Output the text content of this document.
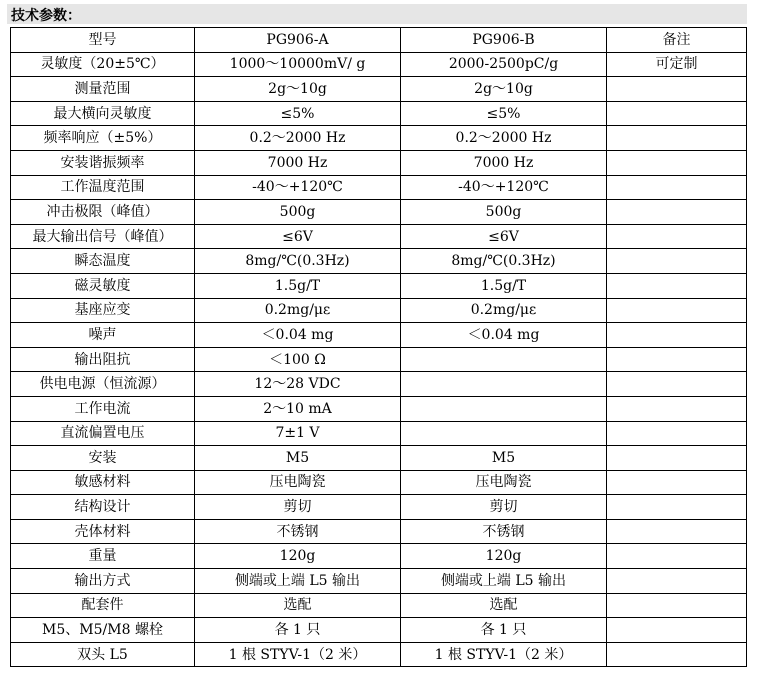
技术参数：
型号	PG906-A	PG906-B	备注
灵敏度（20±5℃）	1000～10000mV/ g	2000-2500pC/g	可定制
测量范围	2g～10g	2g～10g	
最大横向灵敏度	≤5%	≤5%	
频率响应（±5%）	0.2～2000 Hz	0.2～2000 Hz	
安装谐振频率	7000 Hz	7000 Hz	
工作温度范围	-40～+120℃	-40～+120℃	
冲击极限（峰值）	500g	500g	
最大输出信号（峰值）	≤6V	≤6V	
瞬态温度	8mg/℃(0.3Hz)	8mg/℃(0.3Hz)	
磁灵敏度	1.5g/T	1.5g/T	
基座应变	0.2mg/με	0.2mg/με	
噪声	＜0.04 mg	＜0.04 mg	
输出阻抗	＜100 Ω		
供电电源（恒流源）	12～28 VDC		
工作电流	2～10 mA		
直流偏置电压	7±1 V		
安装	M5	M5	
敏感材料	压电陶瓷	压电陶瓷	
结构设计	剪切	剪切	
壳体材料	不锈钢	不锈钢	
重量	120g	120g	
输出方式	侧端或上端 L5 输出	侧端或上端 L5 输出	
配套件	选配	选配	
M5、M5/M8 螺栓	各 1 只	各 1 只	
双头 L5	1 根 STYV-1（2 米）	1 根 STYV-1（2 米）	
